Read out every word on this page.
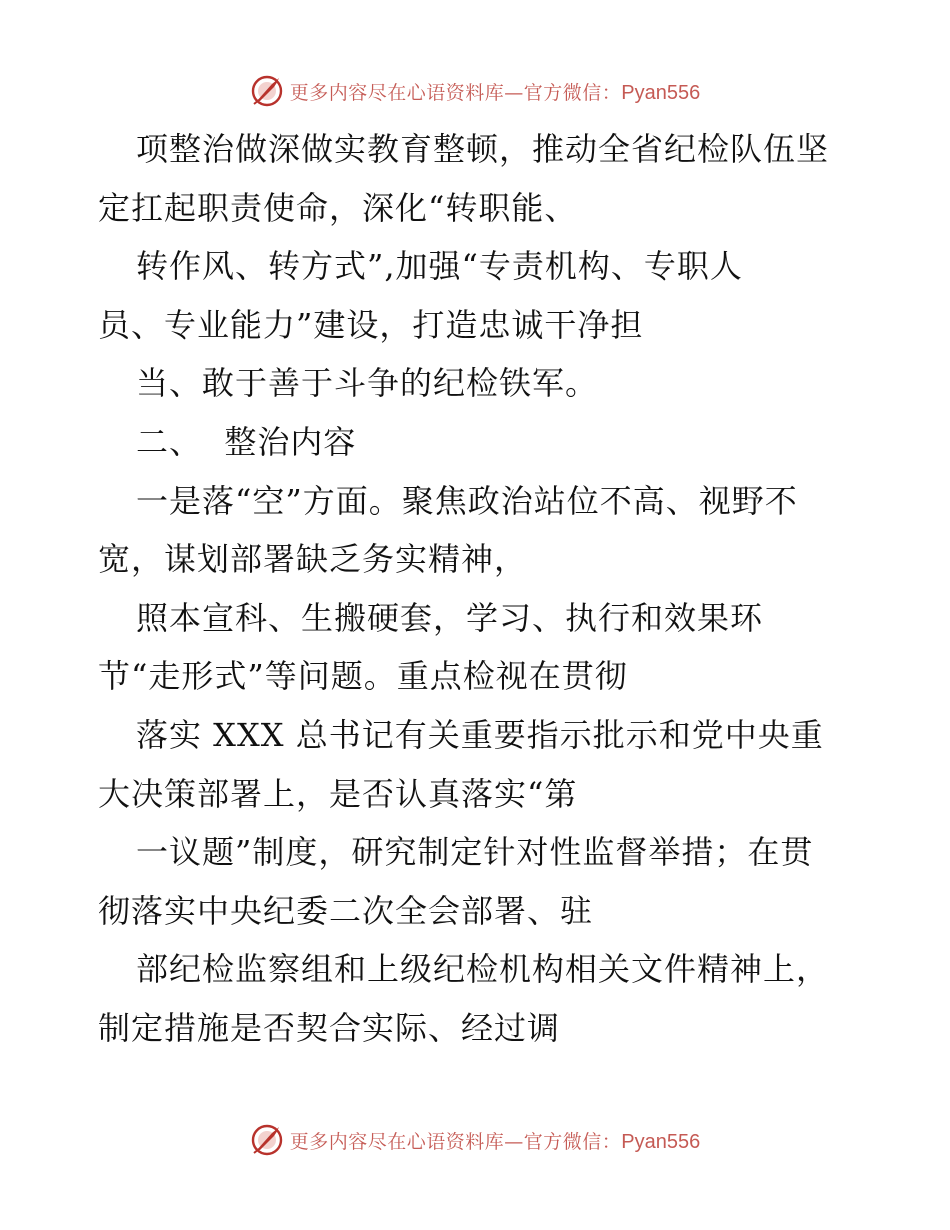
更多内容尽在心语资料库—官方微信：Pyan556
项整治做深做实教育整顿，推动全省纪检队伍坚
定扛起职责使命，深化“转职能、
转作风、转方式”,加强“专责机构、专职人
员、专业能力”建设，打造忠诚干净担
当、敢于善于斗争的纪检铁军。
二、  整治内容
一是落“空”方面。聚焦政治站位不高、视野不
宽，谋划部署缺乏务实精神，
照本宣科、生搬硬套，学习、执行和效果环
节“走形式”等问题。重点检视在贯彻
落实 XXX 总书记有关重要指示批示和党中央重
大决策部署上，是否认真落实“第
一议题”制度，研究制定针对性监督举措；在贯
彻落实中央纪委二次全会部署、驻
部纪检监察组和上级纪检机构相关文件精神上，
制定措施是否契合实际、经过调
更多内容尽在心语资料库—官方微信：Pyan556
